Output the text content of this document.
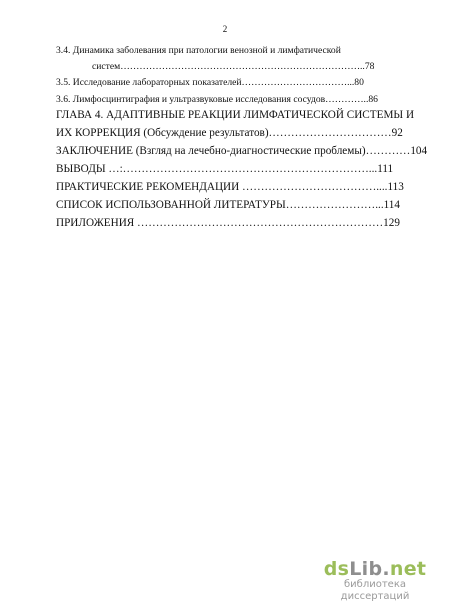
2
3.4. Динамика заболевания при патологии венозной и лимфатической
систем…………………………………………………………………..78
3.5. Исследование лабораторных показателей……………………………...80
3.6. Лимфосцинтиграфия и ультразвуковые исследования сосудов…………..86
ГЛАВА 4. АДАПТИВНЫЕ РЕАКЦИИ ЛИМФАТИЧЕСКОЙ СИСТЕМЫ И
ИХ КОРРЕКЦИЯ (Обсуждение результатов)……………………………92
ЗАКЛЮЧЕНИЕ (Взгляд на лечебно-диагностические проблемы)…………104
ВЫВОДЫ …:…………………………………………………………...111
ПРАКТИЧЕСКИЕ РЕКОМЕНДАЦИИ ………………………………....113
СПИСОК ИСПОЛЬЗОВАННОЙ ЛИТЕРАТУРЫ……………………...114
ПРИЛОЖЕНИЯ …………………………………………………………129
dsLib.net
библиотека диссертаций
